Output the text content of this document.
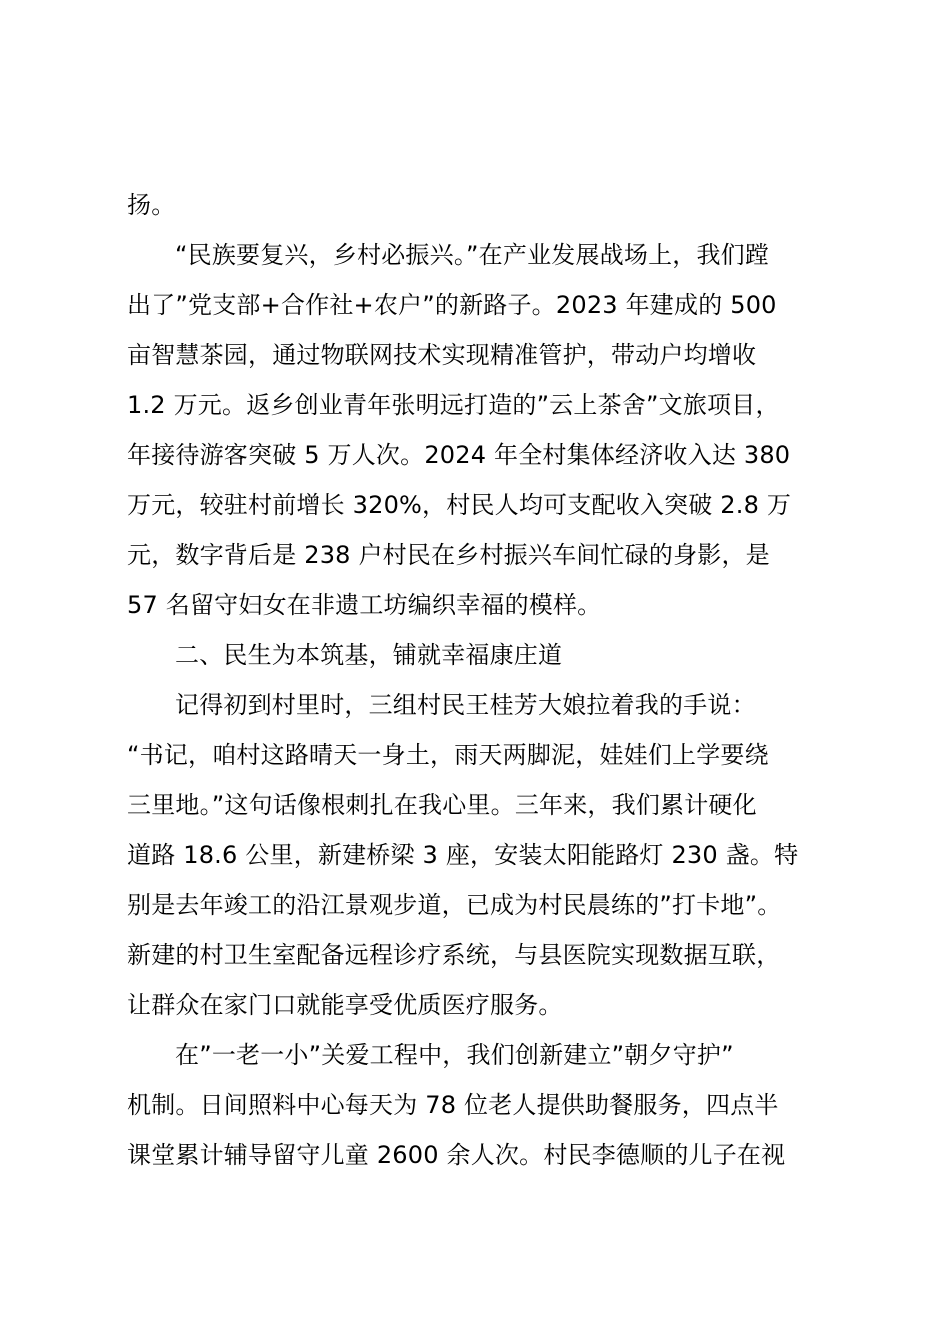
扬。
“民族要复兴，乡村必振兴。”在产业发展战场上，我们蹚
出了”党支部+合作社+农户”的新路子。2023 年建成的 500
亩智慧茶园，通过物联网技术实现精准管护，带动户均增收
1.2 万元。返乡创业青年张明远打造的”云上茶舍”文旅项目，
年接待游客突破 5 万人次。2024 年全村集体经济收入达 380
万元，较驻村前增长 320%，村民人均可支配收入突破 2.8 万
元，数字背后是 238 户村民在乡村振兴车间忙碌的身影，是
57 名留守妇女在非遗工坊编织幸福的模样。
二、民生为本筑基，铺就幸福康庄道
记得初到村里时，三组村民王桂芳大娘拉着我的手说：
“书记，咱村这路晴天一身土，雨天两脚泥，娃娃们上学要绕
三里地。”这句话像根刺扎在我心里。三年来，我们累计硬化
道路 18.6 公里，新建桥梁 3 座，安装太阳能路灯 230 盏。特
别是去年竣工的沿江景观步道，已成为村民晨练的”打卡地”。
新建的村卫生室配备远程诊疗系统，与县医院实现数据互联，
让群众在家门口就能享受优质医疗服务。
在”一老一小”关爱工程中，我们创新建立”朝夕守护”
机制。日间照料中心每天为 78 位老人提供助餐服务，四点半
课堂累计辅导留守儿童 2600 余人次。村民李德顺的儿子在视
